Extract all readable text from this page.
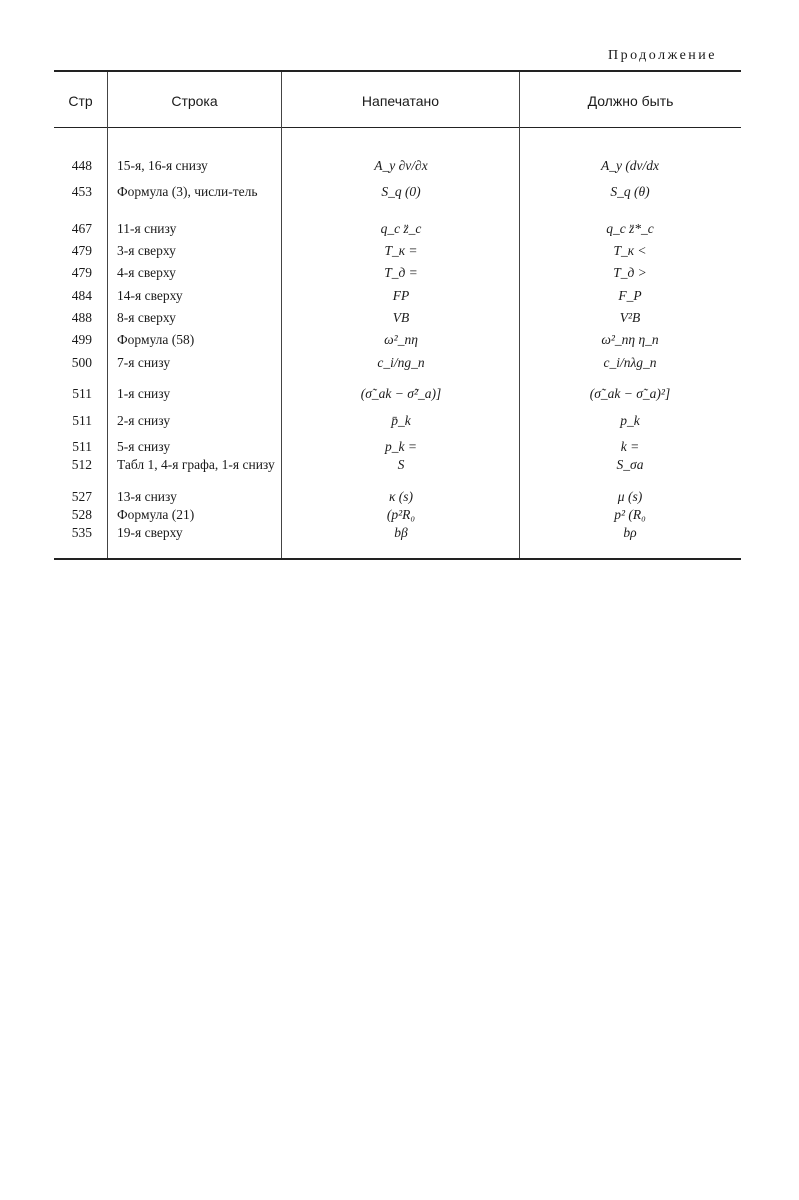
Продолжение
Стр	Строка	Напечатано	Должно быть
448 15-я, 16-я снизу	A_y ∂v/∂x	A_y (dv/dx
453 Формула (3), числи-тель	S_q (0)	S_q (θ)
467 11-я снизу	q_c z̈_c	q_c z̈*_c
479 3-я сверху	T_к =	T_к <
479 4-я сверху	T_д =	T_д >
484 14-я сверху	FP	F_P
488 8-я сверху	VB	V²B
499 Формула (58)	ω²_nη	ω²_nη η_n
500 7-я снизу	c_i/ng_n	c_i/nλg_n
511 1-я снизу	(σ̃_ak − σ̃²_a)]	(σ̃_ak − σ̃_a)²]
511 2-я снизу	p̄_k	p_k
511 5-я снизу	p_k =	k =
512 Табл 1, 4-я графа, 1-я снизу	S	S_σa
527 13-я снизу	κ (s)	μ (s)
528 Формула (21)	(p²R₀	p² (R₀
535 19-я сверху	bβ	bρ
